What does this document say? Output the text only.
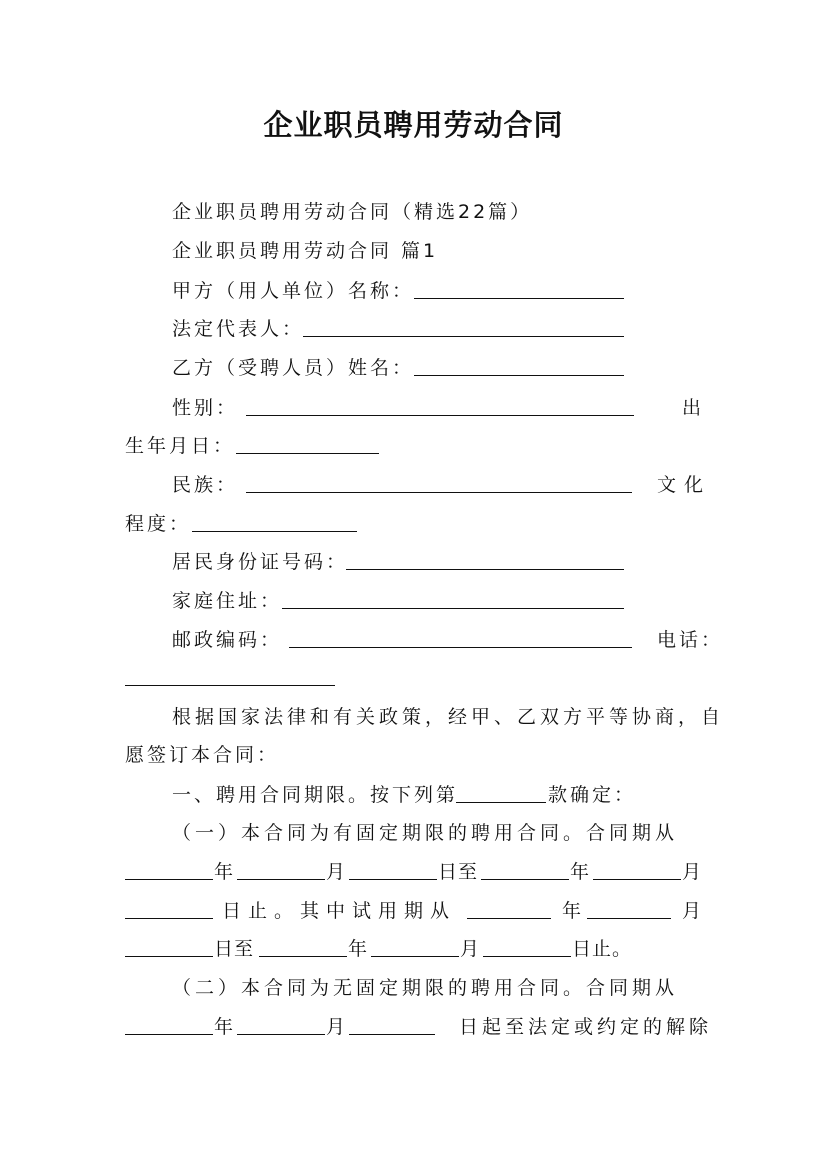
企业职员聘用劳动合同
企业职员聘用劳动合同（精选22篇）
企业职员聘用劳动合同 篇1
甲方（用人单位）名称：
法定代表人：
乙方（受聘人员）姓名：
性别：	出
生年月日：
民族：	文化
程度：
居民身份证号码：
家庭住址：
邮政编码：	电话：
根据国家法律和有关政策，经甲、乙双方平等协商，自
愿签订本合同：
一、聘用合同期限。按下列第	款确定：
（一）本合同为有固定期限的聘用合同。合同期从
年	月	日至	年	月
日止。其中试用期从	年	月
日至	年	月	日止。
（二）本合同为无固定期限的聘用合同。合同期从
年	月	日起至法定或约定的解除
